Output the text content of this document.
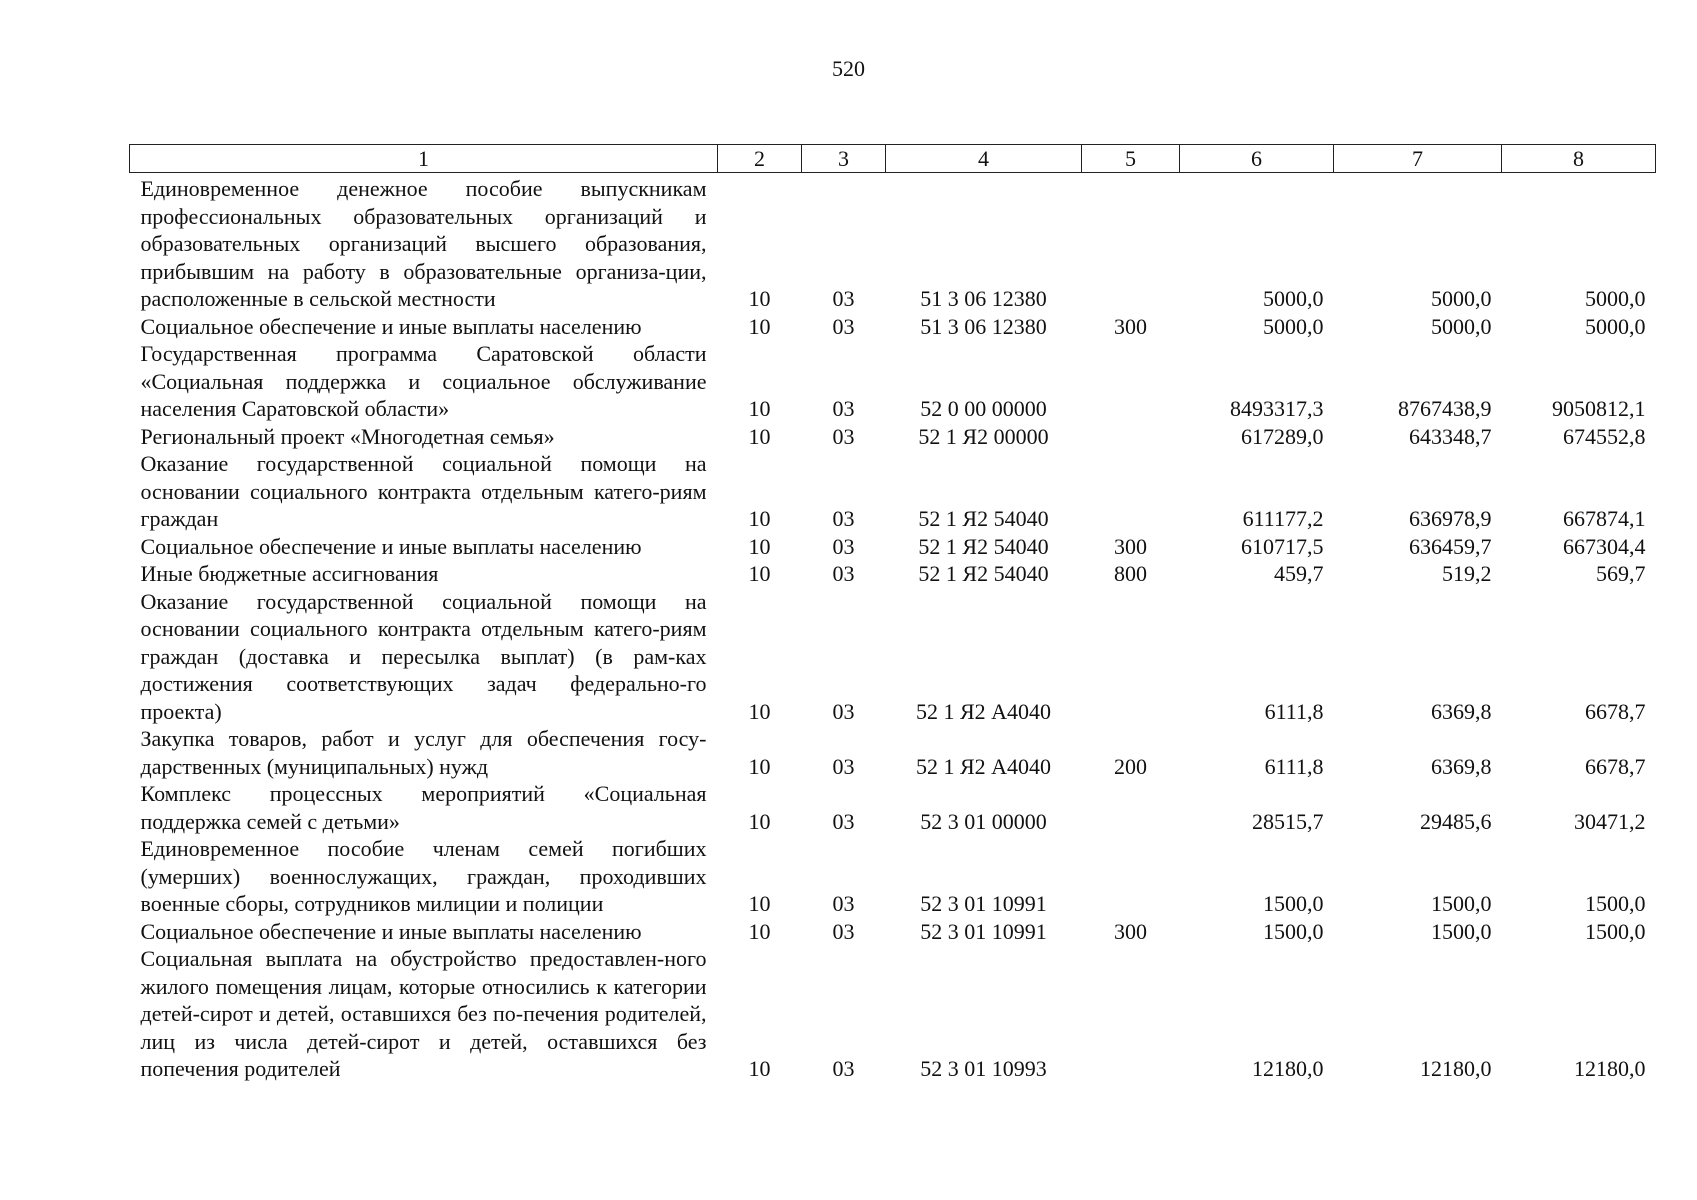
520
1	2	3	4	5	6	7	8
Единовременное денежное пособие выпускникам профессиональных образовательных организаций и образовательных организаций высшего образования, прибывшим на работу в образовательные организа-ции, расположенные в сельской местности	10	03	51 3 06 12380		5000,0	5000,0	5000,0
Социальное обеспечение и иные выплаты населению	10	03	51 3 06 12380	300	5000,0	5000,0	5000,0
Государственная программа Саратовской области «Социальная поддержка и социальное обслуживание населения Саратовской области»	10	03	52 0 00 00000		8493317,3	8767438,9	9050812,1
Региональный проект «Многодетная семья»	10	03	52 1 Я2 00000		617289,0	643348,7	674552,8
Оказание государственной социальной помощи на основании социального контракта отдельным катего-риям граждан	10	03	52 1 Я2 54040		611177,2	636978,9	667874,1
Социальное обеспечение и иные выплаты населению	10	03	52 1 Я2 54040	300	610717,5	636459,7	667304,4
Иные бюджетные ассигнования	10	03	52 1 Я2 54040	800	459,7	519,2	569,7
Оказание государственной социальной помощи на основании социального контракта отдельным катего-риям граждан (доставка и пересылка выплат) (в рам-ках достижения соответствующих задач федерально-го проекта)	10	03	52 1 Я2 А4040		6111,8	6369,8	6678,7
Закупка товаров, работ и услуг для обеспечения госу-дарственных (муниципальных) нужд	10	03	52 1 Я2 А4040	200	6111,8	6369,8	6678,7
Комплекс процессных мероприятий «Социальная поддержка семей с детьми»	10	03	52 3 01 00000		28515,7	29485,6	30471,2
Единовременное пособие членам семей погибших (умерших) военнослужащих, граждан, проходивших военные сборы, сотрудников милиции и полиции	10	03	52 3 01 10991		1500,0	1500,0	1500,0
Социальное обеспечение и иные выплаты населению	10	03	52 3 01 10991	300	1500,0	1500,0	1500,0
Социальная выплата на обустройство предоставлен-ного жилого помещения лицам, которые относились к категории детей-сирот и детей, оставшихся без по-печения родителей, лиц из числа детей-сирот и детей, оставшихся без попечения родителей	10	03	52 3 01 10993		12180,0	12180,0	12180,0
